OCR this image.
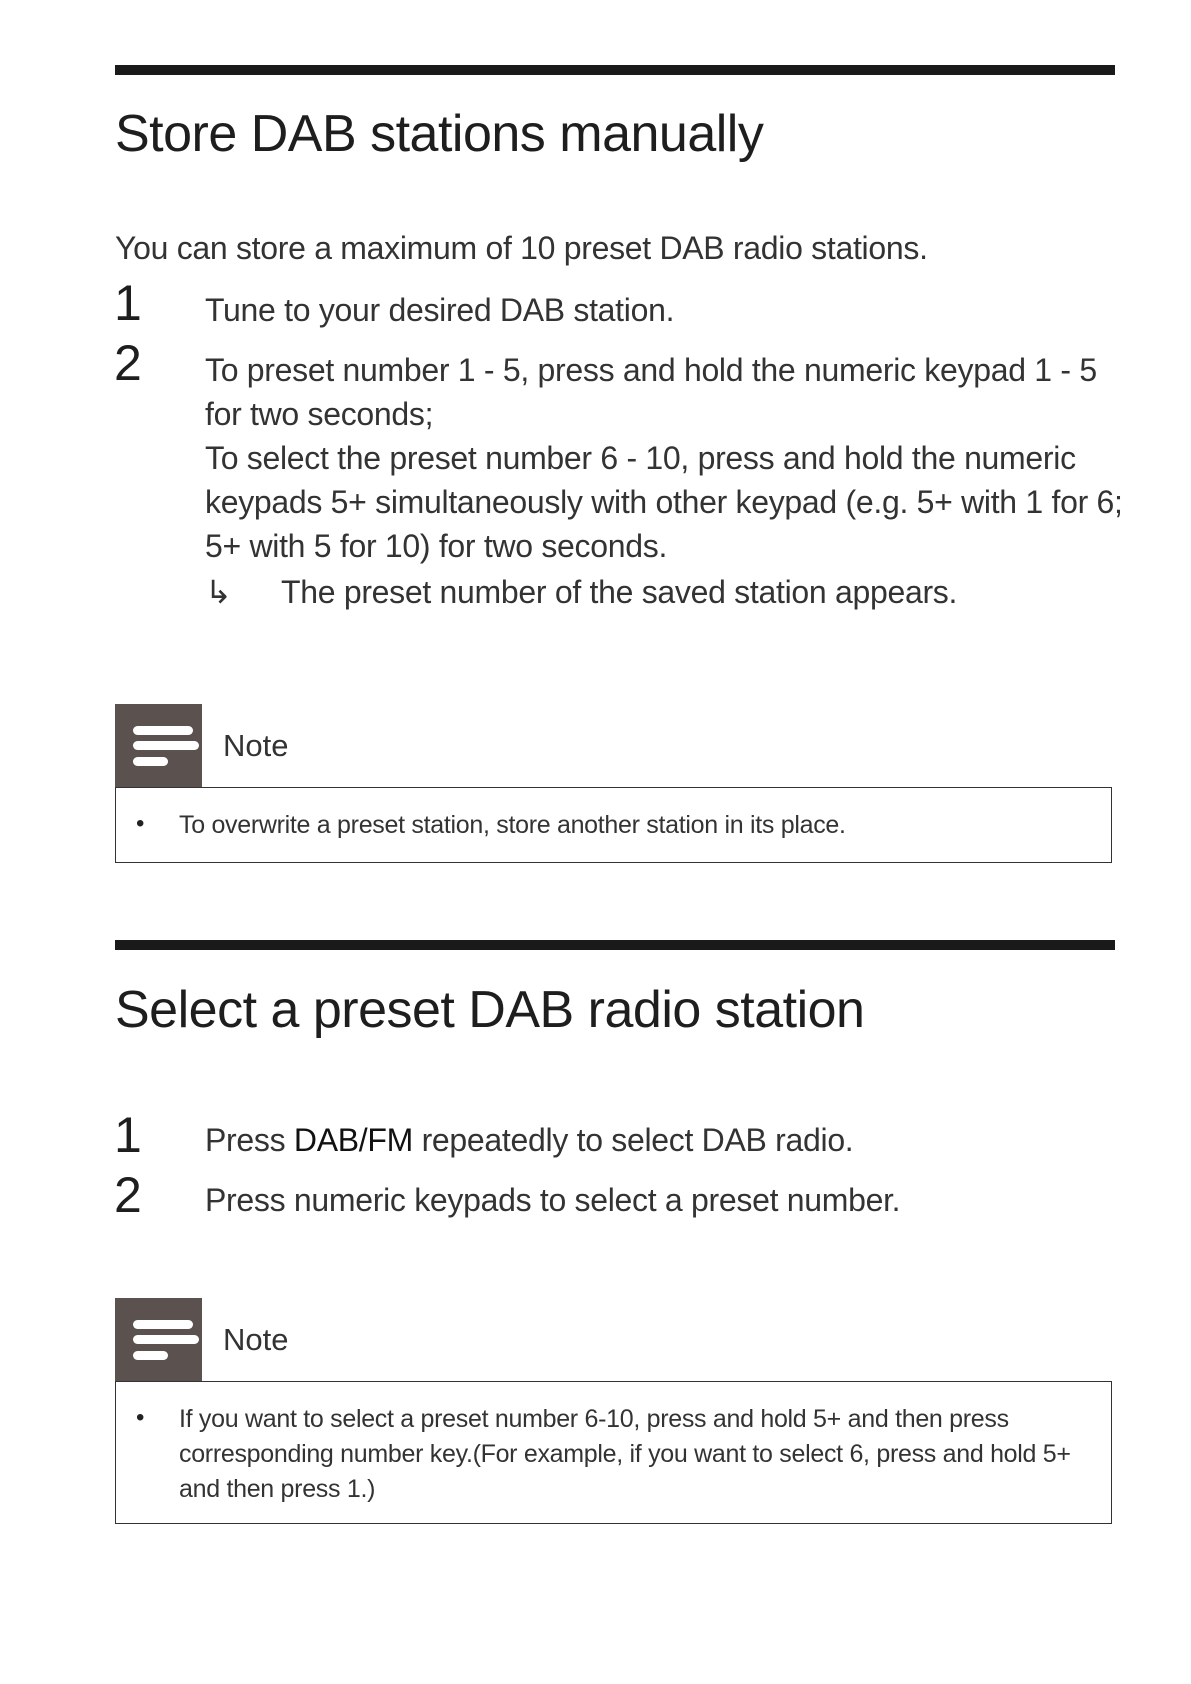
Store DAB stations manually
You can store a maximum of 10 preset DAB radio stations.
1 Tune to your desired DAB station.
2 To preset number 1 - 5, press and hold the numeric keypad 1 - 5 for two seconds;
To select the preset number 6 - 10, press and hold the numeric keypads 5+ simultaneously with other keypad (e.g. 5+ with 1 for 6; 5+ with 5 for 10) for two seconds.
↳ The preset number of the saved station appears.
Note
• To overwrite a preset station, store another station in its place.
Select a preset DAB radio station
1 Press DAB/FM repeatedly to select DAB radio.
2 Press numeric keypads to select a preset number.
Note
• If you want to select a preset number 6-10, press and hold 5+ and then press corresponding number key.(For example, if you want to select 6, press and hold 5+ and then press 1.)
